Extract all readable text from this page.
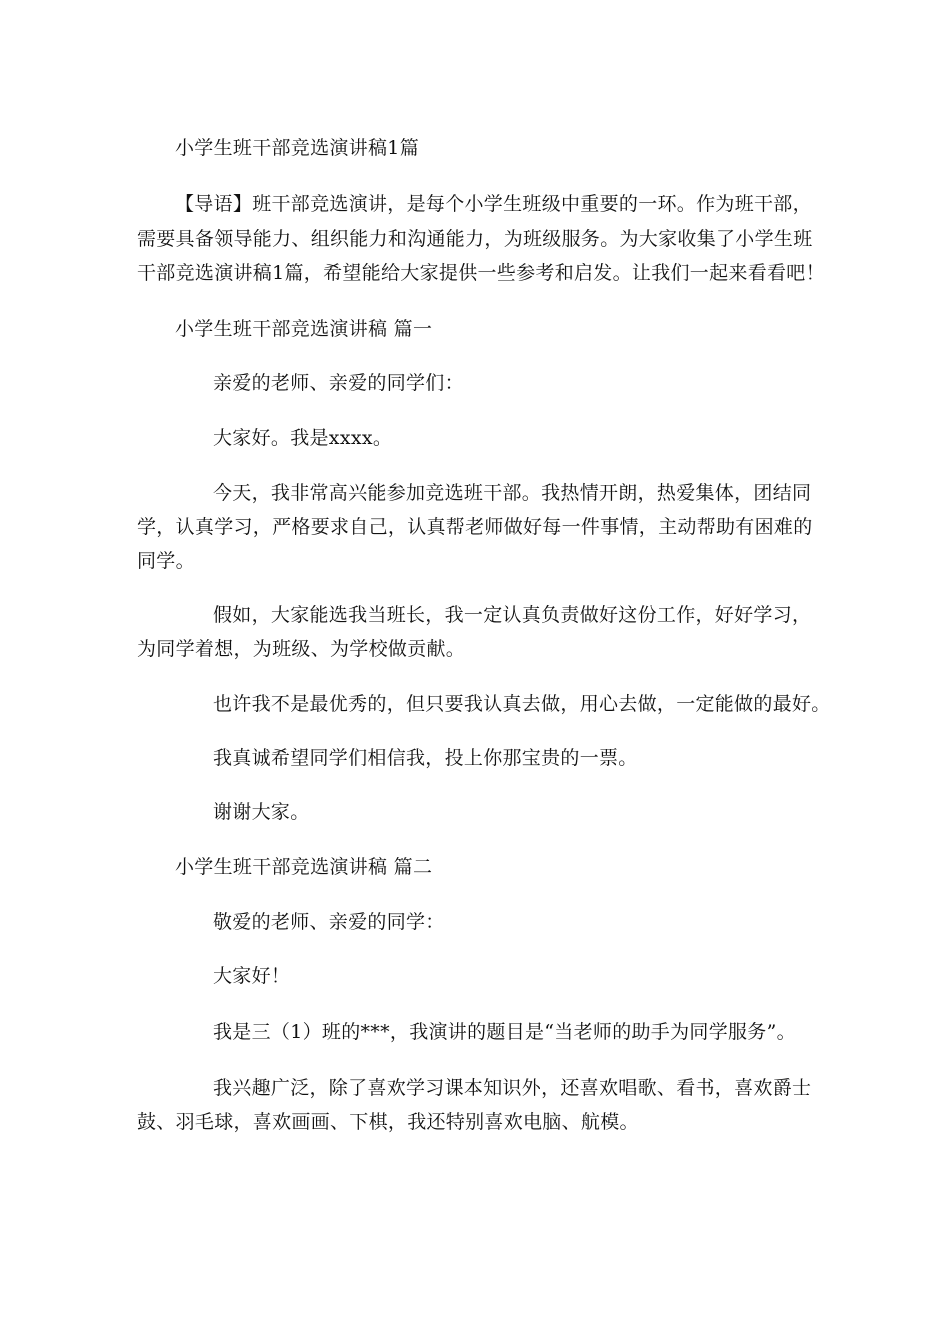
小学生班干部竞选演讲稿1篇
【导语】班干部竞选演讲，是每个小学生班级中重要的一环。作为班干部，
需要具备领导能力、组织能力和沟通能力，为班级服务。为大家收集了小学生班
干部竞选演讲稿1篇，希望能给大家提供一些参考和启发。让我们一起来看看吧！
小学生班干部竞选演讲稿 篇一
亲爱的老师、亲爱的同学们：
大家好。我是xxxx。
今天，我非常高兴能参加竞选班干部。我热情开朗，热爱集体，团结同
学，认真学习，严格要求自己，认真帮老师做好每一件事情，主动帮助有困难的
同学。
假如，大家能选我当班长，我一定认真负责做好这份工作，好好学习，
为同学着想，为班级、为学校做贡献。
也许我不是最优秀的，但只要我认真去做，用心去做，一定能做的最好。
我真诚希望同学们相信我，投上你那宝贵的一票。
谢谢大家。
小学生班干部竞选演讲稿 篇二
敬爱的老师、亲爱的同学：
大家好！
我是三（1）班的***，我演讲的题目是“当老师的助手为同学服务”。
我兴趣广泛，除了喜欢学习课本知识外，还喜欢唱歌、看书，喜欢爵士
鼓、羽毛球，喜欢画画、下棋，我还特别喜欢电脑、航模。
